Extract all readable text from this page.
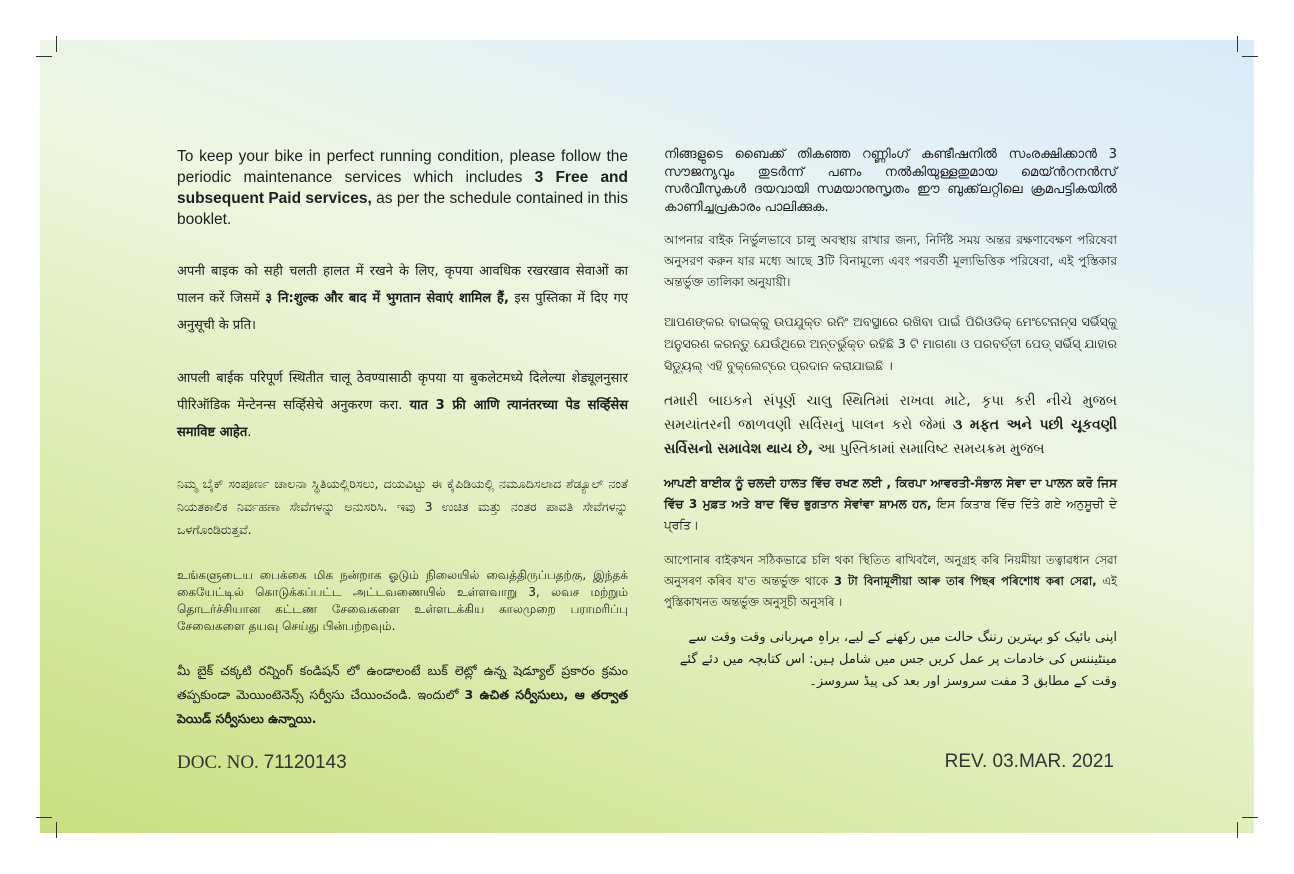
To keep your bike in perfect running condition, please follow the periodic maintenance services which includes 3 Free and subsequent Paid services, as per the schedule contained in this booklet.

अपनी बाइक को सही चलती हालत में रखने के लिए, कृपया आवधिक रखरखाव सेवाओं का पालन करें जिसमें ३ नि:शुल्क और बाद में भुगतान सेवाएं शामिल हैं, इस पुस्तिका में दिए गए अनुसूची के प्रति।

आपली बाईक परिपूर्ण स्थितीत चालू ठेवण्यासाठी कृपया या बुकलेटमध्ये दिलेल्या शेड्यूलनुसार पीरिऑडिक मेन्टेनन्स सर्व्हिसेचे अनुकरण करा. यात 3 फ्री आणि त्यानंतरच्या पेड सर्व्हिसेस समाविष्ट आहेत.

ನಿಮ್ಮ ಬೈಕ್ ಸಂಪೂರ್ಣ ಚಾಲನಾ ಸ್ಥಿತಿಯಲ್ಲಿರಿಸಲು, ದಯವಿಟ್ಟು ಈ ಕೈಪಿಡಿಯಲ್ಲಿ ನಮೂದಿಸಲಾದ ಶೆಡ್ಯೂಲ್ ನಂತೆ ನಿಯತಕಾಲಿಕ ನಿರ್ವಹಣಾ ಸೇವೆಗಳನ್ನು ಅನುಸರಿಸಿ. ಇವು 3 ಉಚಿತ ಮತ್ತು ನಂತರ ಪಾವತಿ ಸೇವೆಗಳನ್ನು ಒಳಗೊಂಡಿರುತ್ತವೆ.

உங்களுடைய பைக்கை மிக நன்றாக ஓடும் நிலையில் வைத்திருப்பதற்கு, இந்தக் கையேட்டில் கொடுக்கப்பட்ட அட்டவணையில் உள்ளவாறு 3, லவச மற்றும் தொடர்ச்சியான கட்டண சேவைகளை உள்ளடக்கிய காலமுறை பராமரிப்பு சேவைகளை தயவு செய்து பின்பற்றவும்.

మీ బైక్ చక్కటి రన్నింగ్ కండిషన్ లో ఉండాలంటే బుక్ లెట్లో ఉన్న షెడ్యూల్ ప్రకారం క్రమం తప్పకుండా మెయింటెనెన్స్ సర్వీసు చేయించండి. ఇందులో 3 ఉచిత సర్వీసులు, ఆ తర్వాత పెయిడ్ సర్వీసులు ఉన్నాయి.

നിങ്ങളുടെ ബൈക്ക് തികഞ്ഞ റണ്ണിംഗ് കണ്ടീഷനില്‍ സംരക്ഷിക്കാന്‍ 3 സൗജന്യവും തുടര്‍ന്ന് പണം നല്‍കിയുള്ളതുമായ മെയ്ന്‍റനന്‍സ് സര്‍വീസുകള്‍ ദയവായി സമയാനുസൃതം ഈ ബുക്ക്‌ലറ്റിലെ ക്രമപട്ടികയില്‍ കാണിച്ചപ്രകാരം പാലിക്കുക.

আপনার বাইক নির্ভুলভাবে চালু অবস্থায় রাখার জন্য, নির্দিষ্ট সময় অন্তর রক্ষণাবেক্ষণ পরিষেবা অনুসরণ করুন যার মধ্যে আছে 3টি বিনামূল্যে এবং পরবর্তী মূল্যভিত্তিক পরিষেবা, এই পুস্তিকার অন্তর্ভুক্ত তালিকা অনুযায়ী।

ଆପଣଙ୍କର ବାଇକ୍‌କୁ ଉପଯୁକ୍ତ ରନିଂ ଅବସ୍ଥାରେ ରଖିବା ପାଇଁ ପିରିଓଡିକ୍ ମେଂଟେନାନ୍ସ ସର୍ଭିସ୍‌କୁ ଅନୁସରଣ କରନ୍ତୁ ଯେଉଁଥିରେ ଅନ୍ତର୍ଭୁକ୍ତ ରହିଛି 3 ଟି ମାଗଣା ଓ ପରବର୍ତ୍ତୀ ପେଡ୍ ସର୍ଭିସ୍ ଯାହାର ସିଡ୍ୟୁଲ୍ ଏହି ବୁକ୍‌ଲେଟ୍‌ରେ ପ୍ରଦାନ କରାଯାଇଛି ।

તમારી બાઇકને સંપૂર્ણ ચાલુ સ્થિતિમાં રાખવા માટે, કૃપા કરી નીચે મુજબ સમયાંતરની જાળવણી સર્વિસનું પાલન કરો જેમાં ૩ મફત અને પછી ચૂકવણી સર્વિસનો સમાવેશ થાય છે, આ પુસ્તિકામાં સમાવિષ્ટ સમયક્રમ મુજબ

ਆਪਣੀ ਬਾਈਕ ਨੂੰ ਚਲਦੀ ਹਾਲਤ ਵਿੱਚ ਰਖਣ ਲਈ , ਕਿਰਪਾ ਆਵਰਤੀ-ਸੰਭਾਲ ਸੇਵਾ ਦਾ ਪਾਲਨ ਕਰੋ ਜਿਸ ਵਿੱਚ 3 ਮੁਫ਼ਤ ਅਤੇ ਬਾਦ ਵਿੱਚ ਭੁਗਤਾਨ ਸੇਵਾਂਵਾ ਸ਼ਾਮਲ ਹਨ, ਇਸ ਕਿਤਾਬ ਵਿੱਚ ਦਿੱਤੇ ਗਏ ਅਨੁਸੂਚੀ ਦੇ ਪ੍ਰਤਿ।

আপোনাৰ বাইকখন সঠিকভাৱে চলি থকা স্থিতিত ৰাখিবলৈ, অনুগ্ৰহ কৰি নিয়মীয়া তত্বাৱধান সেৱা অনুসৰণ কৰিব য'ত অন্তৰ্ভুক্ত থাকে 3 টা বিনামূলীয়া আৰু তাৰ পিছৰ পৰিশোধ কৰা সেৱা, এই পুস্তিকাখনত অন্তৰ্ভুক্ত অনুসূচী অনুসৰি ।

اپنی بائیک کو بہترین رننگ حالت میں رکھنے کے لیے، براہِ مہربانی وقت وقت سے مینٹیننس کی خادمات پر عمل کریں جس میں شامل ہیں: اس کتابچہ میں دئے گئے وقت کے مطابق 3 مفت سروسز اور بعد کی پیڈ سروسز۔

DOC. NO. 71120143	REV. 03.MAR. 2021
